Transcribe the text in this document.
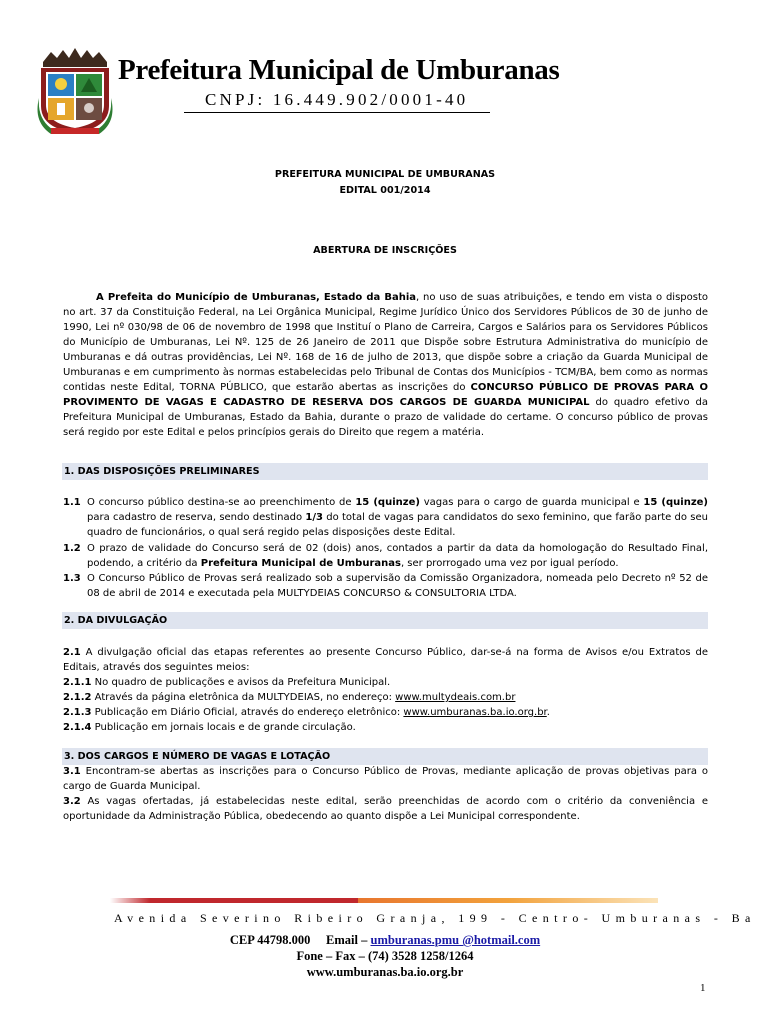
Prefeitura Municipal de Umburanas
CNPJ: 16.449.902/0001-40
PREFEITURA MUNICIPAL DE UMBURANAS
EDITAL 001/2014
ABERTURA DE INSCRIÇÕES
A Prefeita do Município de Umburanas, Estado da Bahia, no uso de suas atribuições, e tendo em vista o disposto no art. 37 da Constituição Federal, na Lei Orgânica Municipal, Regime Jurídico Único dos Servidores Públicos de 30 de junho de 1990, Lei nº 030/98 de 06 de novembro de 1998 que Instituí o Plano de Carreira, Cargos e Salários para os Servidores Públicos do Município de Umburanas, Lei Nº. 125 de 26 Janeiro de 2011 que Dispõe sobre Estrutura Administrativa do município de Umburanas e dá outras providências, Lei Nº. 168 de 16 de julho de 2013, que dispõe sobre a criação da Guarda Municipal de Umburanas e em cumprimento às normas estabelecidas pelo Tribunal de Contas dos Municípios - TCM/BA, bem como as normas contidas neste Edital, TORNA PÚBLICO, que estarão abertas as inscrições do CONCURSO PÚBLICO DE PROVAS PARA O PROVIMENTO DE VAGAS E CADASTRO DE RESERVA DOS CARGOS DE GUARDA MUNICIPAL do quadro efetivo da Prefeitura Municipal de Umburanas, Estado da Bahia, durante o prazo de validade do certame. O concurso público de provas será regido por este Edital e pelos princípios gerais do Direito que regem a matéria.
1. DAS DISPOSIÇÕES PRELIMINARES
1.1 O concurso público destina-se ao preenchimento de 15 (quinze) vagas para o cargo de guarda municipal e 15 (quinze) para cadastro de reserva, sendo destinado 1/3 do total de vagas para candidatos do sexo feminino, que farão parte do seu quadro de funcionários, o qual será regido pelas disposições deste Edital.
1.2 O prazo de validade do Concurso será de 02 (dois) anos, contados a partir da data da homologação do Resultado Final, podendo, a critério da Prefeitura Municipal de Umburanas, ser prorrogado uma vez por igual período.
1.3 O Concurso Público de Provas será realizado sob a supervisão da Comissão Organizadora, nomeada pelo Decreto nº 52 de 08 de abril de 2014 e executada pela MULTYDEIAS CONCURSO & CONSULTORIA LTDA.
2. DA DIVULGAÇÃO
2.1 A divulgação oficial das etapas referentes ao presente Concurso Público, dar-se-á na forma de Avisos e/ou Extratos de Editais, através dos seguintes meios:
2.1.1 No quadro de publicações e avisos da Prefeitura Municipal.
2.1.2 Através da página eletrônica da MULTYDEIAS, no endereço: www.multydeais.com.br
2.1.3 Publicação em Diário Oficial, através do endereço eletrônico: www.umburanas.ba.io.org.br.
2.1.4 Publicação em jornais locais e de grande circulação.
3. DOS CARGOS E NÚMERO DE VAGAS E LOTAÇÃO
3.1 Encontram-se abertas as inscrições para o Concurso Público de Provas, mediante aplicação de provas objetivas para o cargo de Guarda Municipal.
3.2 As vagas ofertadas, já estabelecidas neste edital, serão preenchidas de acordo com o critério da conveniência e oportunidade da Administração Pública, obedecendo ao quanto dispõe a Lei Municipal correspondente.
Avenida Severino Ribeiro Granja, 199 - Centro- Umburanas - Ba
CEP 44798.000 Email – umburanas.pmu @hotmail.com
Fone – Fax – (74) 3528 1258/1264
www.umburanas.ba.io.org.br
1
